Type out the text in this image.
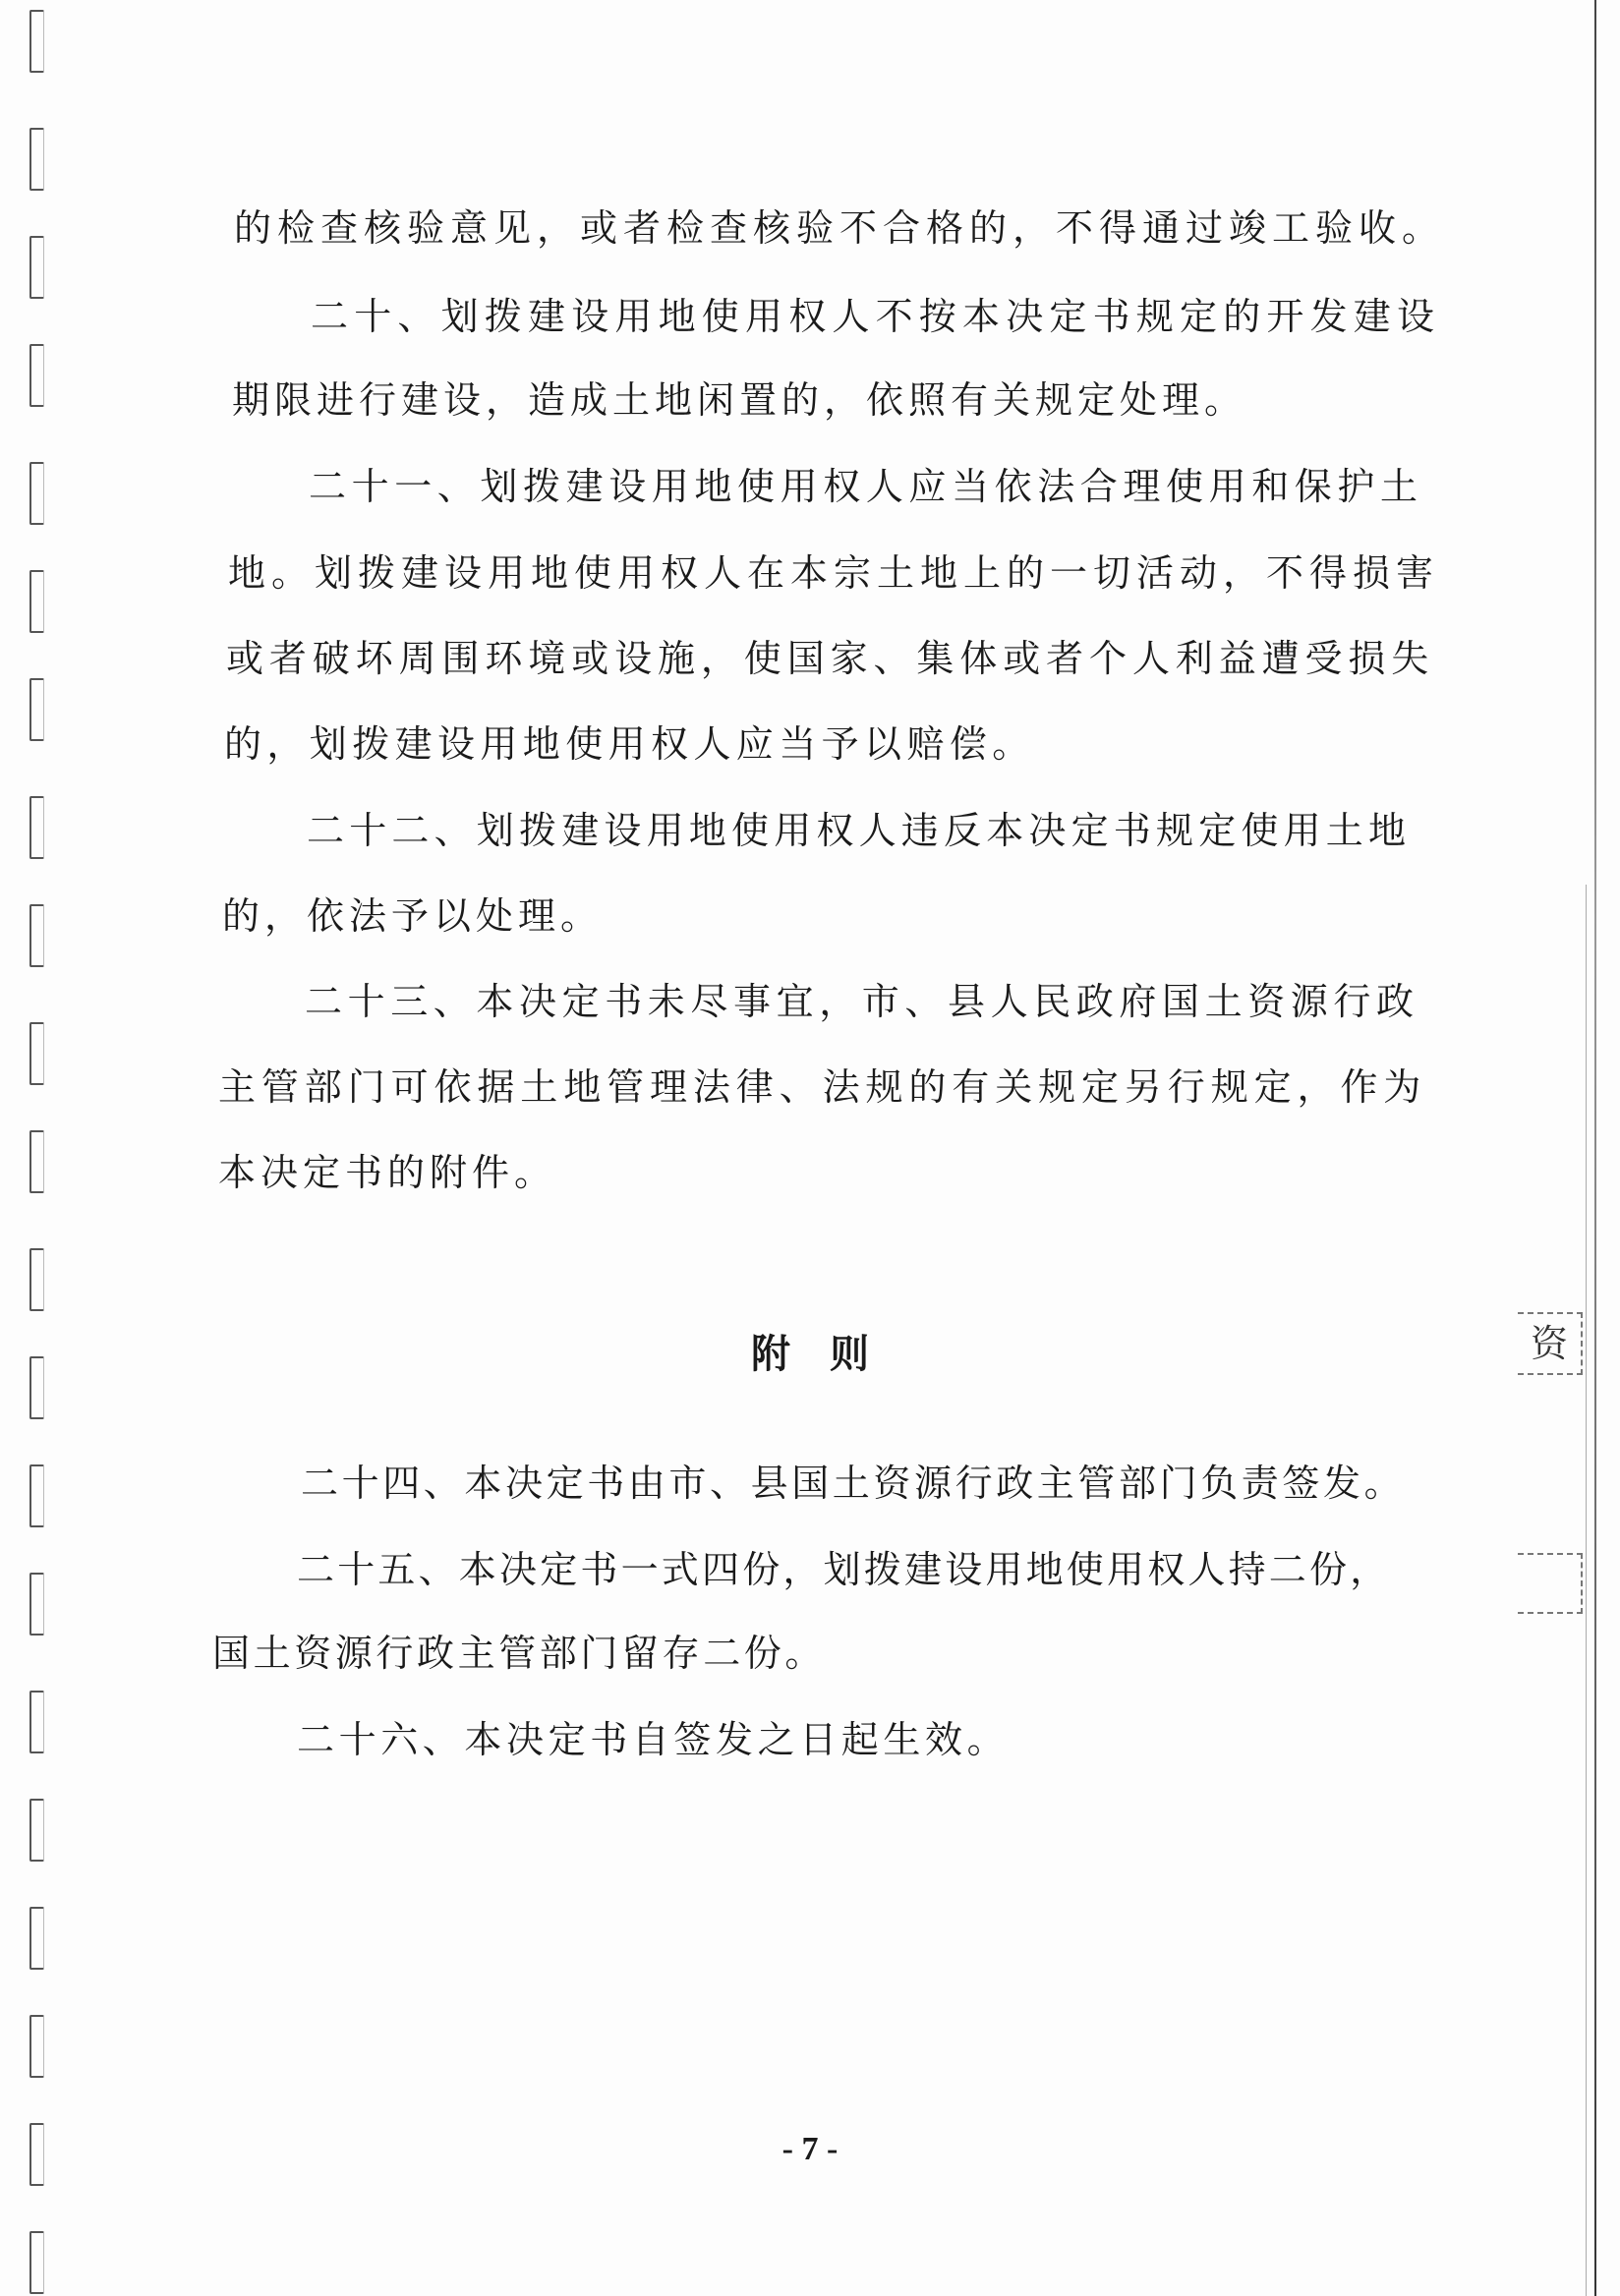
资
的检查核验意见，或者检查核验不合格的，不得通过竣工验收。
二十、划拨建设用地使用权人不按本决定书规定的开发建设
期限进行建设，造成土地闲置的，依照有关规定处理。
二十一、划拨建设用地使用权人应当依法合理使用和保护土
地。划拨建设用地使用权人在本宗土地上的一切活动，不得损害
或者破坏周围环境或设施，使国家、集体或者个人利益遭受损失
的，划拨建设用地使用权人应当予以赔偿。
二十二、划拨建设用地使用权人违反本决定书规定使用土地
的，依法予以处理。
二十三、本决定书未尽事宜，市、县人民政府国土资源行政
主管部门可依据土地管理法律、法规的有关规定另行规定，作为
本决定书的附件。
附　则
二十四、本决定书由市、县国土资源行政主管部门负责签发。
二十五、本决定书一式四份，划拨建设用地使用权人持二份，
国土资源行政主管部门留存二份。
二十六、本决定书自签发之日起生效。
- 7 -
